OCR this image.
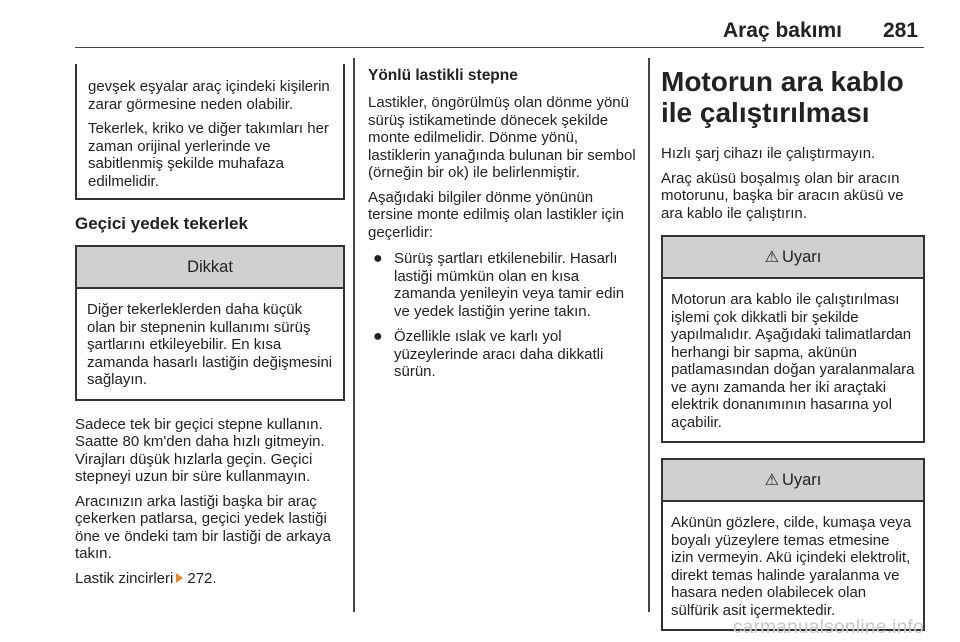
Araç bakımı 281

gevşek eşyalar araç içindeki kişilerin zarar görmesine neden olabilir.

Tekerlek, kriko ve diğer takımları her zaman orijinal yerlerinde ve sabitlenmiş şekilde muhafaza edilmelidir.

Geçici yedek tekerlek
Dikkat

Diğer tekerleklerden daha küçük olan bir stepnenin kullanımı sürüş şartlarını etkileyebilir. En kısa zamanda hasarlı lastiğin değişmesini sağlayın.

Sadece tek bir geçici stepne kullanın. Saatte 80 km'den daha hızlı gitmeyin. Virajları düşük hızlarla geçin. Geçici stepneyi uzun bir süre kullanmayın.

Aracınızın arka lastiği başka bir araç çekerken patlarsa, geçici yedek lastiği öne ve öndeki tam bir lastiği de arkaya takın.

Lastik zincirleri 272.

Yönlü lastikli stepne

Lastikler, öngörülmüş olan dönme yönü sürüş istikametinde dönecek şekilde monte edilmelidir. Dönme yönü, lastiklerin yanağında bulunan bir sembol (örneğin bir ok) ile belirlenmiştir.

Aşağıdaki bilgiler dönme yönünün tersine monte edilmiş olan lastikler için geçerlidir:

● Sürüş şartları etkilenebilir. Hasarlı lastiği mümkün olan en kısa zamanda yenileyin veya tamir edin ve yedek lastiğin yerine takın.
● Özellikle ıslak ve karlı yol yüzeylerinde aracı daha dikkatli sürün.
Motorun ara kablo ile çalıştırılması

Hızlı şarj cihazı ile çalıştırmayın.

Araç aküsü boşalmış olan bir aracın motorunu, başka bir aracın aküsü ve ara kablo ile çalıştırın.

⚠ Uyarı

Motorun ara kablo ile çalıştırılması işlemi çok dikkatli bir şekilde yapılmalıdır. Aşağıdaki talimatlardan herhangi bir sapma, akünün patlamasından doğan yaralanmalara ve aynı zamanda her iki araçtaki elektrik donanımının hasarına yol açabilir.

⚠ Uyarı

Akünün gözlere, cilde, kumaşa veya boyalı yüzeylere temas etmesine izin vermeyin. Akü içindeki elektrolit, direkt temas halinde yaralanma ve hasara neden olabilecek olan sülfürik asit içermektedir.

carmanualsonline.info
